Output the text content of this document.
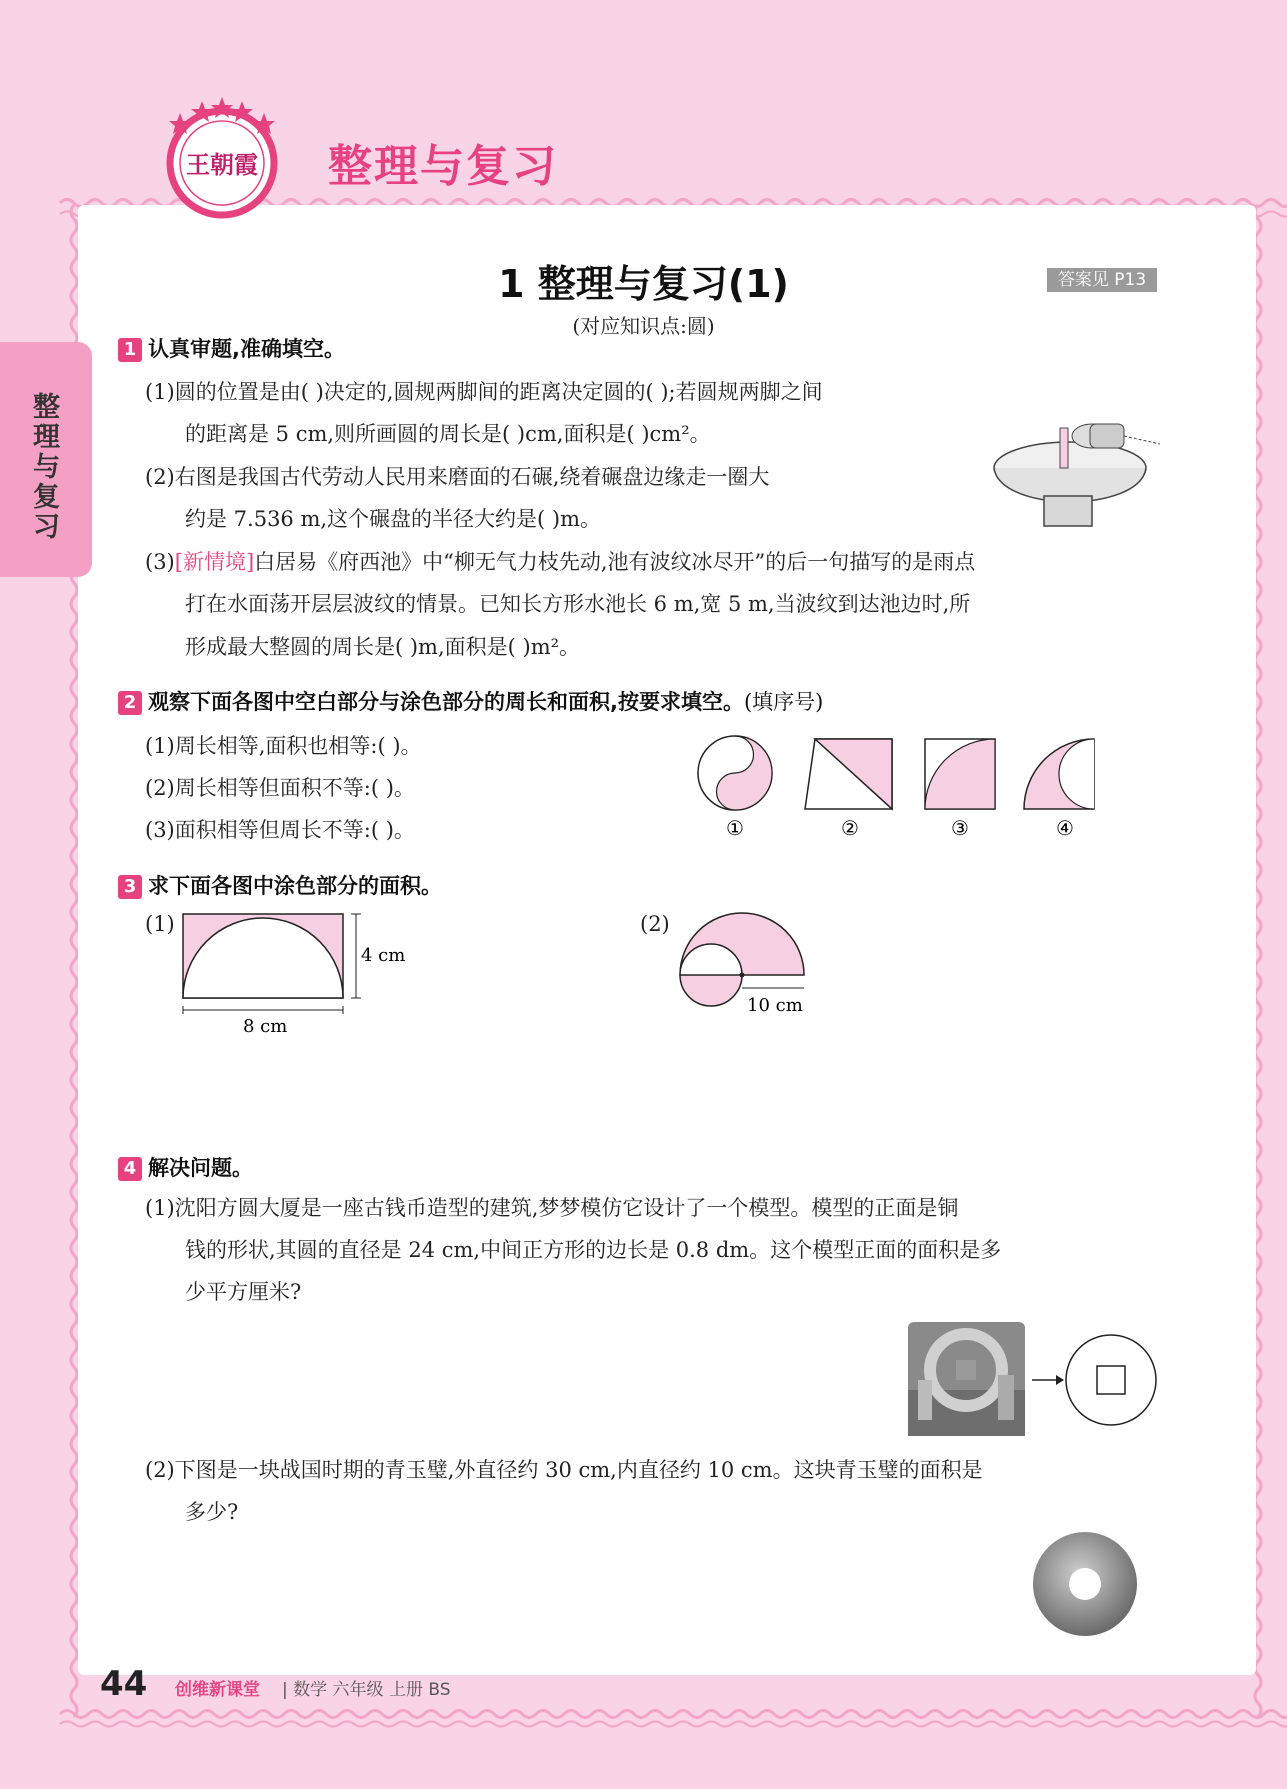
王朝霞 整理与复习
整理与复习
1 整理与复习(1)	答案见 P13
(对应知识点:圆)
1 认真审题,准确填空。
(1)圆的位置是由( )决定的,圆规两脚间的距离决定圆的( );若圆规两脚之间
的距离是 5 cm,则所画圆的周长是( )cm,面积是( )cm²。
(2)右图是我国古代劳动人民用来磨面的石碾,绕着碾盘边缘走一圈大
约是 7.536 m,这个碾盘的半径大约是( )m。
(3)[新情境]白居易《府西池》中“柳无气力枝先动,池有波纹冰尽开”的后一句描写的是雨点
打在水面荡开层层波纹的情景。已知长方形水池长 6 m,宽 5 m,当波纹到达池边时,所
形成最大整圆的周长是( )m,面积是( )m²。
2 观察下面各图中空白部分与涂色部分的周长和面积,按要求填空。(填序号)
(1)周长相等,面积也相等:( )。
(2)周长相等但面积不等:( )。
(3)面积相等但周长不等:( )。	①	②	③	④
3 求下面各图中涂色部分的面积。
(1)
4 cm
8 cm
(2)
10 cm
4 解决问题。
(1)沈阳方圆大厦是一座古钱币造型的建筑,梦梦模仿它设计了一个模型。模型的正面是铜
钱的形状,其圆的直径是 24 cm,中间正方形的边长是 0.8 dm。这个模型正面的面积是多
少平方厘米?
(2)下图是一块战国时期的青玉璧,外直径约 30 cm,内直径约 10 cm。这块青玉璧的面积是
多少?
44 创维新课堂 | 数学 六年级 上册 BS
